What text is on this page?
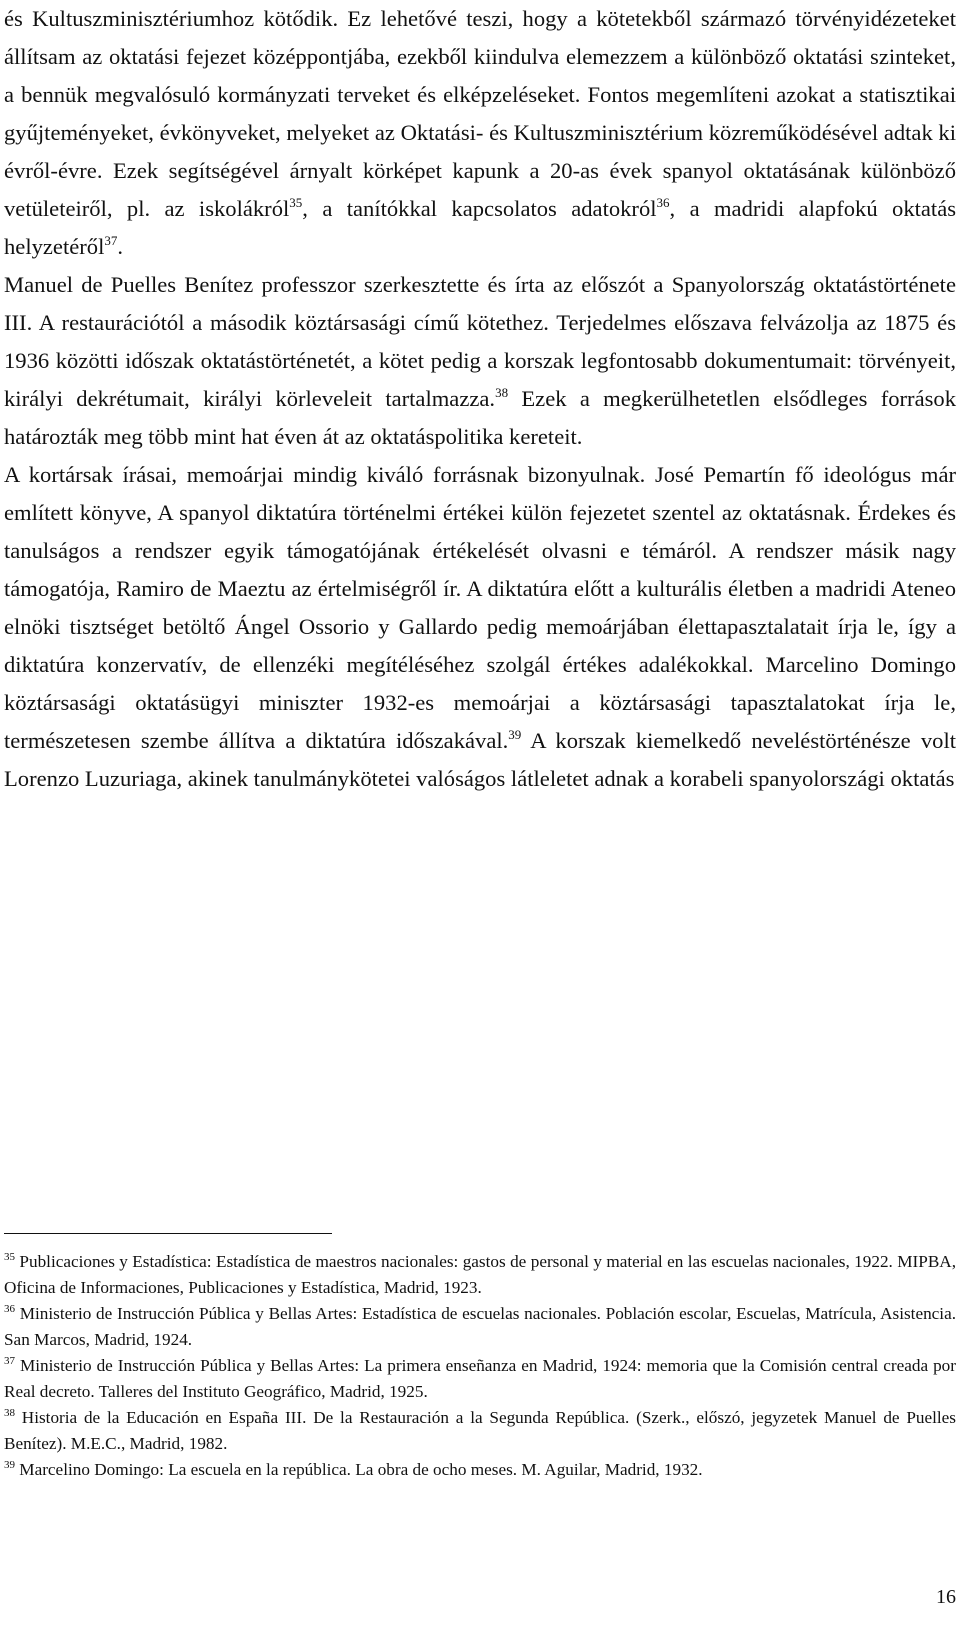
és Kultuszminisztériumhoz kötődik. Ez lehetővé teszi, hogy a kötetekből származó törvényidézeteket állítsam az oktatási fejezet középpontjába, ezekből kiindulva elemezzem a különböző oktatási szinteket, a bennük megvalósuló kormányzati terveket és elképzeléseket. Fontos megemlíteni azokat a statisztikai gyűjteményeket, évkönyveket, melyeket az Oktatási- és Kultuszminisztérium közreműködésével adtak ki évről-évre. Ezek segítségével árnyalt körképet kapunk a 20-as évek spanyol oktatásának különböző vetületeiről, pl. az iskolákról$^{35}$, a tanítókkal kapcsolatos adatokról$^{36}$, a madridi alapfokú oktatás helyzetéről$^{37}$.

Manuel de Puelles Benítez professzor szerkesztette és írta az előszót a Spanyolország oktatástörténete III. A restaurációtól a második köztársasági című kötethez. Terjedelmes előszava felvázolja az 1875 és 1936 közötti időszak oktatástörténetét, a kötet pedig a korszak legfontosabb dokumentumait: törvényeit, királyi dekrétumait, királyi körleveleit tartalmazza.$^{38}$ Ezek a megkerülhetetlen elsődleges források határozták meg több mint hat éven át az oktatáspolitika kereteit.

A kortársak írásai, memoárjai mindig kiváló forrásnak bizonyulnak. José Pemartín fő ideológus már említett könyve, A spanyol diktatúra történelmi értékei külön fejezetet szentel az oktatásnak. Érdekes és tanulságos a rendszer egyik támogatójának értékelését olvasni e témáról. A rendszer másik nagy támogatója, Ramiro de Maeztu az értelmiségről ír. A diktatúra előtt a kulturális életben a madridi Ateneo elnöki tisztséget betöltő Ángel Ossorio y Gallardo pedig memoárjában élettapasztalatait írja le, így a diktatúra konzervatív, de ellenzéki megítéléséhez szolgál értékes adalékokkal. Marcelino Domingo köztársasági oktatásügyi miniszter 1932-es memoárjai a köztársasági tapasztalatokat írja le, természetesen szembe állítva a diktatúra időszakával.$^{39}$ A korszak kiemelkedő neveléstörténésze volt Lorenzo Luzuriaga, akinek tanulmánykötetei valóságos látleletet adnak a korabeli spanyolországi oktatás

$^{35}$ Publicaciones y Estadística: Estadística de maestros nacionales: gastos de personal y material en las escuelas nacionales, 1922. MIPBA, Oficina de Informaciones, Publicaciones y Estadística, Madrid, 1923.

$^{36}$ Ministerio de Instrucción Pública y Bellas Artes: Estadística de escuelas nacionales. Población escolar, Escuelas, Matrícula, Asistencia. San Marcos, Madrid, 1924.

$^{37}$ Ministerio de Instrucción Pública y Bellas Artes: La primera enseñanza en Madrid, 1924: memoria que la Comisión central creada por Real decreto. Talleres del Instituto Geográfico, Madrid, 1925.

$^{38}$ Historia de la Educación en España III. De la Restauración a la Segunda República. (Szerk., előszó, jegyzetek Manuel de Puelles Benítez). M.E.C., Madrid, 1982.

$^{39}$ Marcelino Domingo: La escuela en la república. La obra de ocho meses. M. Aguilar, Madrid, 1932.

16
